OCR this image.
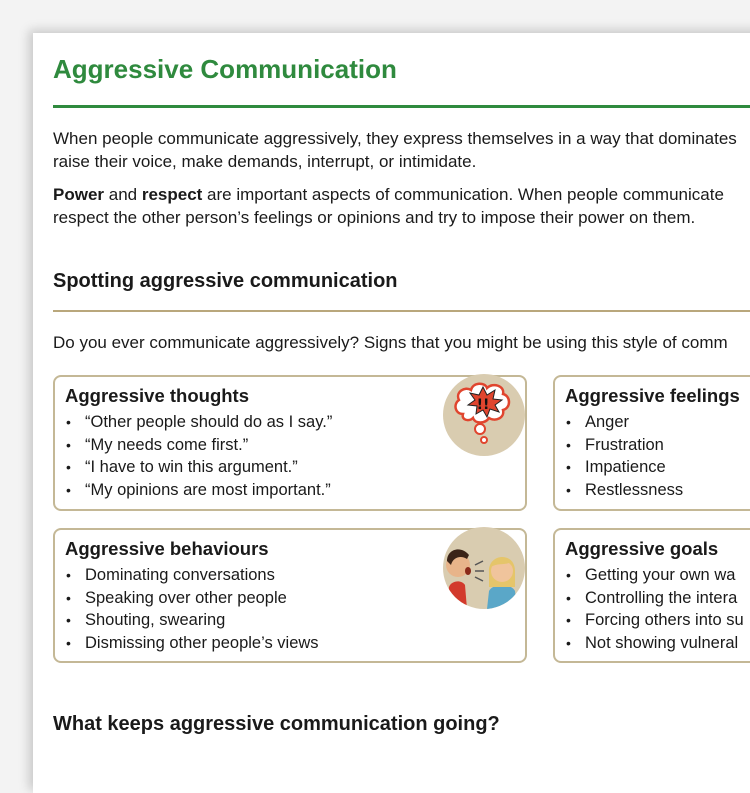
Aggressive Communication
When people communicate aggressively, they express themselves in a way that dominates
raise their voice, make demands, interrupt, or intimidate.
Power and respect are important aspects of communication. When people communicate
respect the other person’s feelings or opinions and try to impose their power on them.
Spotting aggressive communication

Do you ever communicate aggressively? Signs that you might be using this style of comm

Aggressive thoughts
• “Other people should do as I say.”
• “My needs come first.”
• “I have to win this argument.”
• “My opinions are most important.”
Aggressive feelings
• Anger
• Frustration
• Impatience
• Restlessness
Aggressive behaviours
• Dominating conversations
• Speaking over other people
• Shouting, swearing
• Dismissing other people’s views
Aggressive goals
• Getting your own wa
• Controlling the intera
• Forcing others into su
• Not showing vulneral
!!
What keeps aggressive communication going?
